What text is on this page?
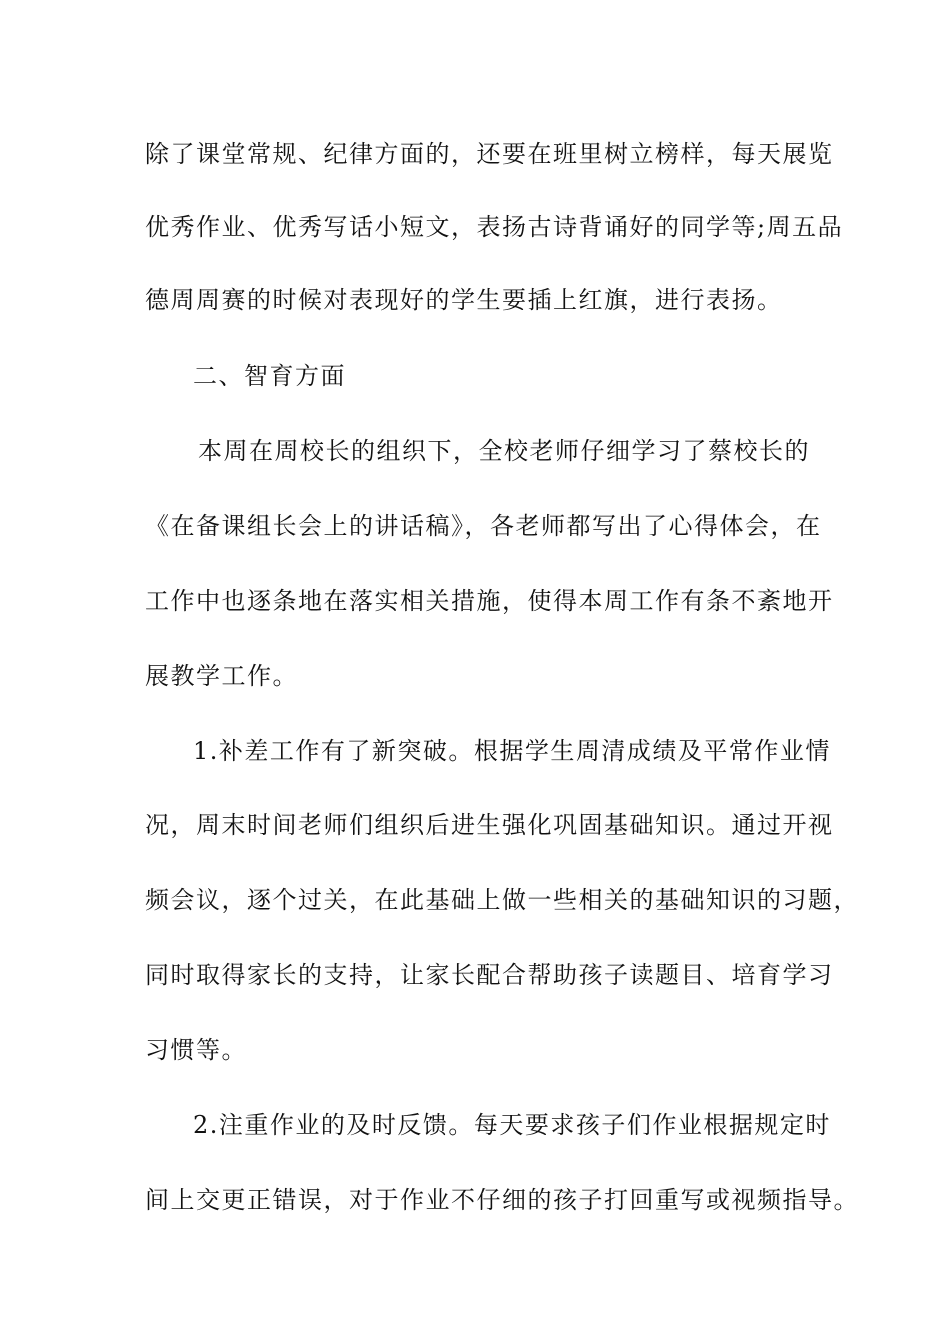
除了课堂常规、纪律方面的，还要在班里树立榜样，每天展览
优秀作业、优秀写话小短文，表扬古诗背诵好的同学等;周五品
德周周赛的时候对表现好的学生要插上红旗，进行表扬。
二、智育方面
本周在周校长的组织下，全校老师仔细学习了蔡校长的
《在备课组长会上的讲话稿》，各老师都写出了心得体会，在
工作中也逐条地在落实相关措施，使得本周工作有条不紊地开
展教学工作。
1.补差工作有了新突破。根据学生周清成绩及平常作业情
况，周末时间老师们组织后进生强化巩固基础知识。通过开视
频会议，逐个过关，在此基础上做一些相关的基础知识的习题，
同时取得家长的支持，让家长配合帮助孩子读题目、培育学习
习惯等。
2.注重作业的及时反馈。每天要求孩子们作业根据规定时
间上交更正错误，对于作业不仔细的孩子打回重写或视频指导。
